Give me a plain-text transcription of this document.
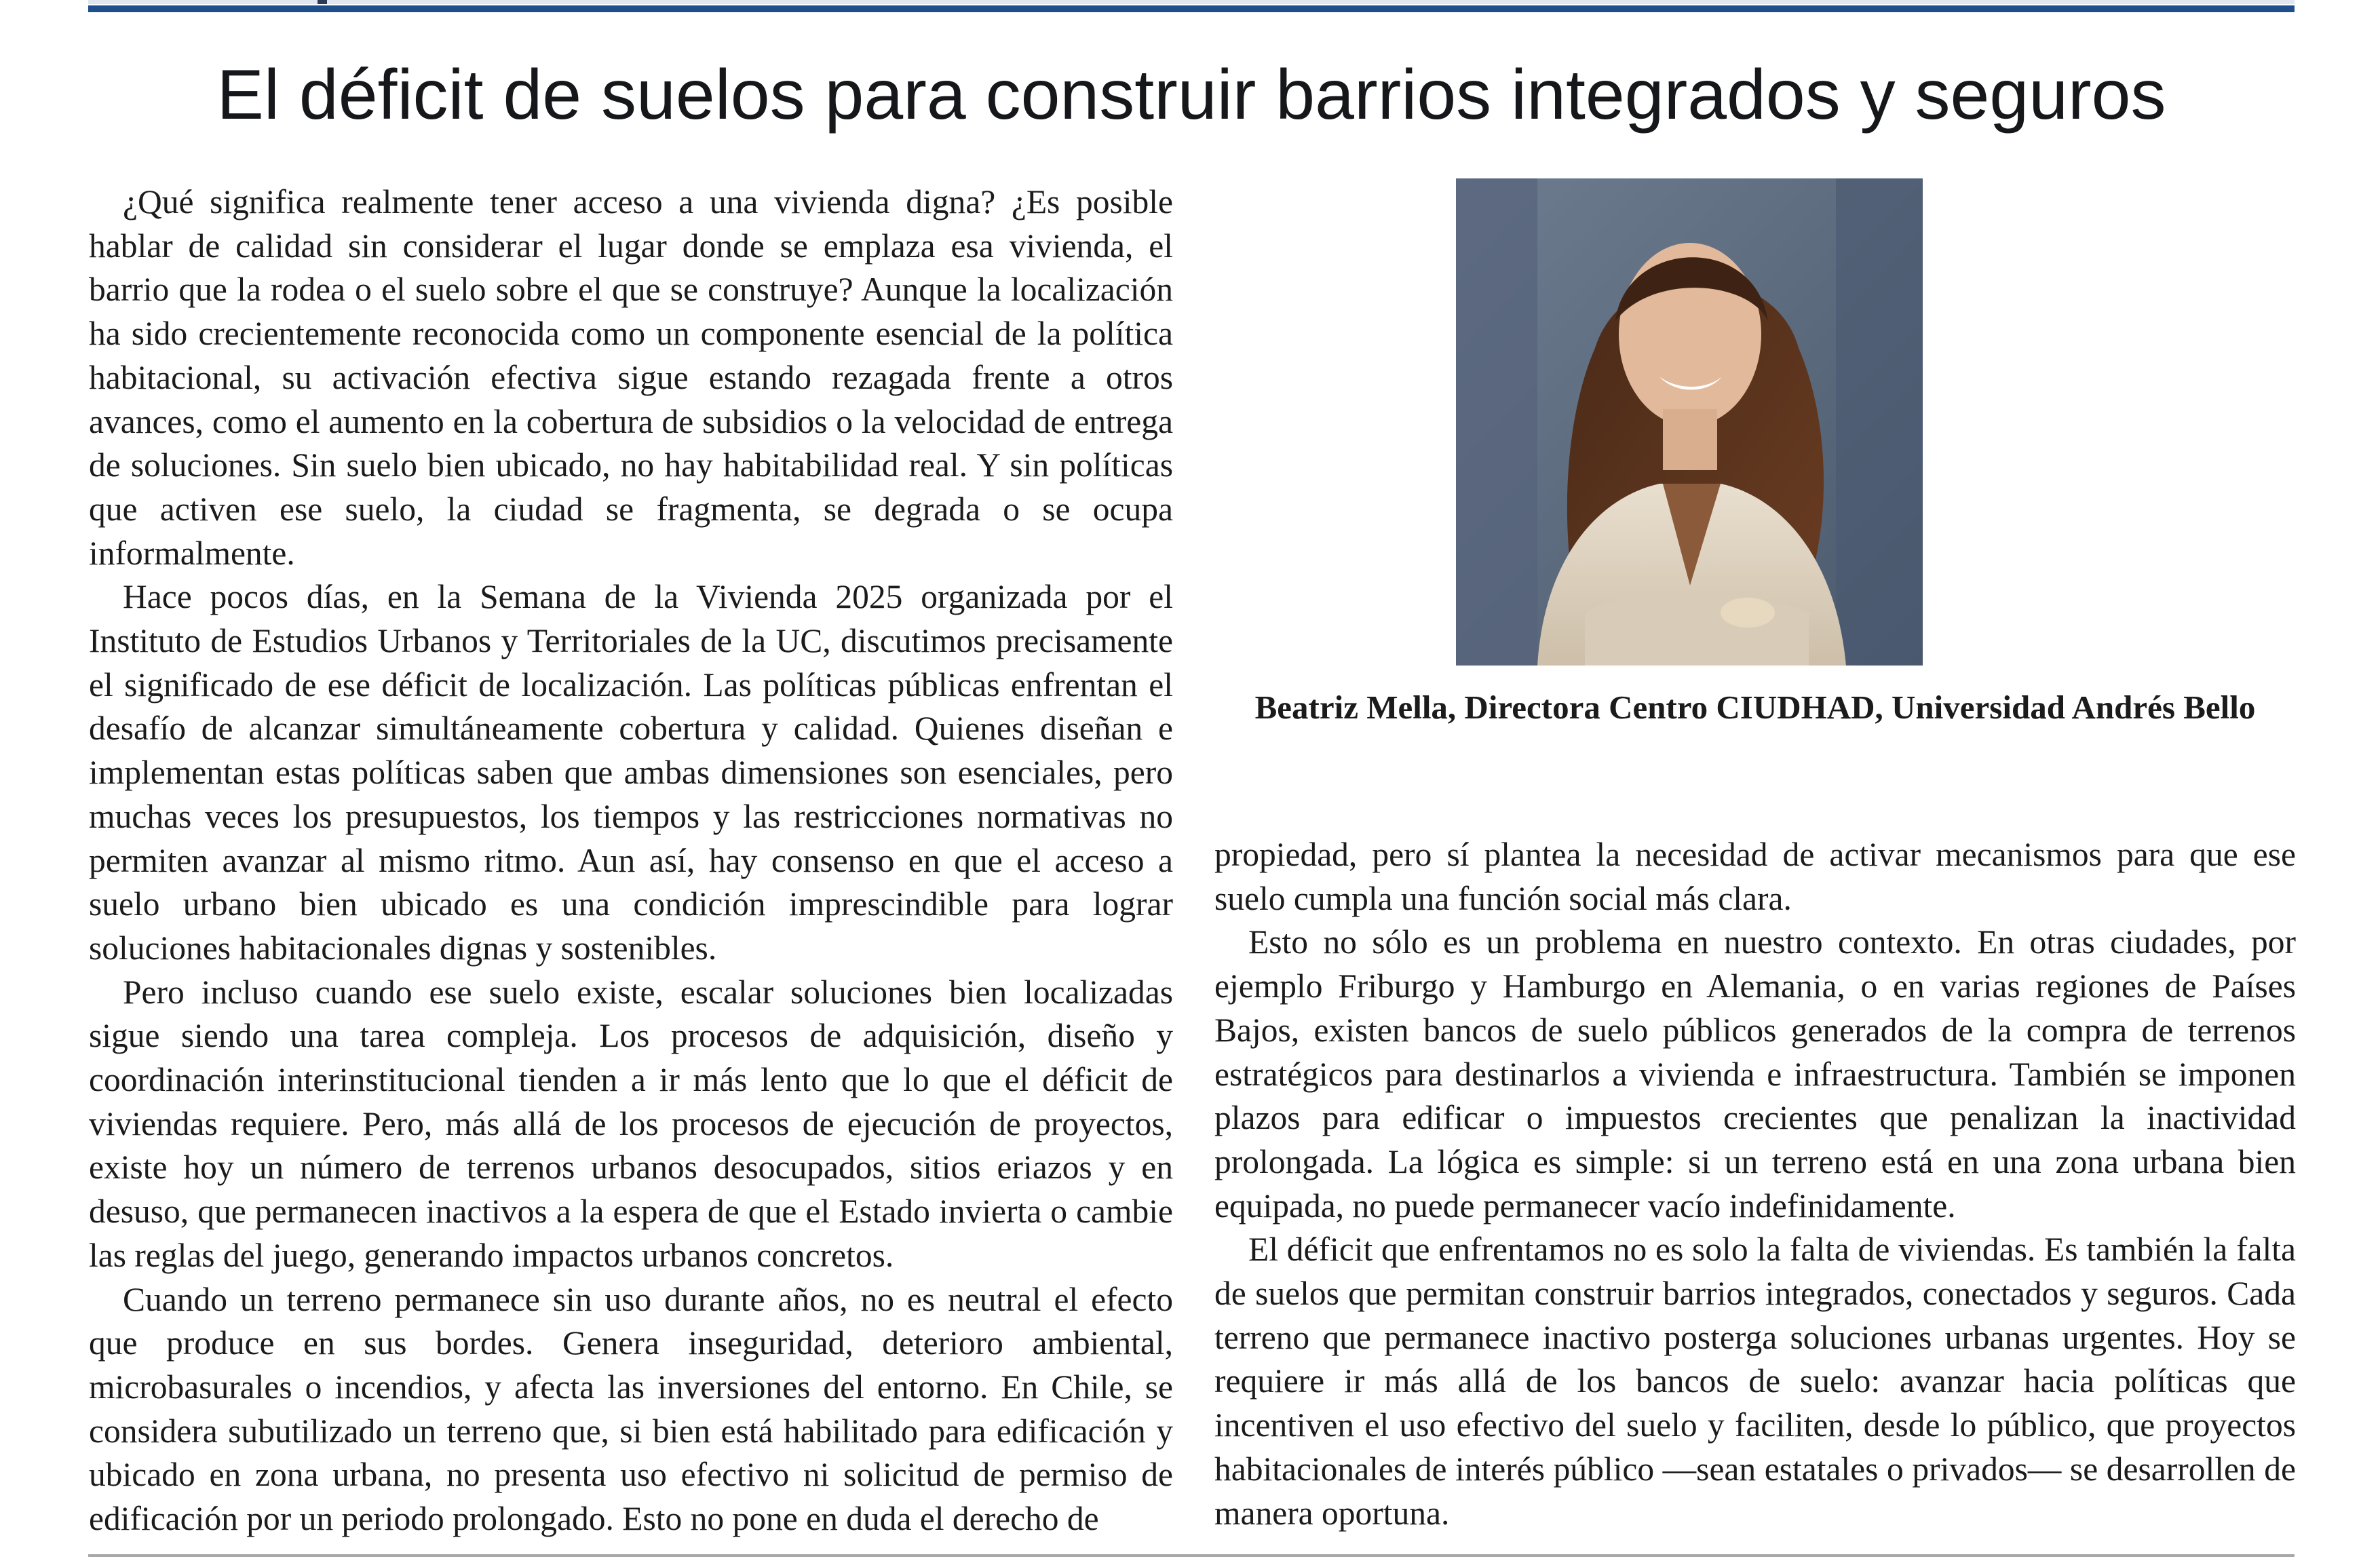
El déficit de suelos para construir barrios integrados y seguros

¿Qué significa realmente tener acceso a una vivienda digna? ¿Es posible hablar de calidad sin considerar el lugar donde se emplaza esa vivienda, el barrio que la rodea o el suelo sobre el que se construye? Aunque la localización ha sido crecientemente reconocida como un componente esencial de la política habitacional, su activación efectiva sigue estando rezagada frente a otros avances, como el aumento en la cobertura de subsidios o la velocidad de entrega de soluciones. Sin suelo bien ubicado, no hay habitabilidad real. Y sin políticas que activen ese suelo, la ciudad se fragmenta, se degrada o se ocupa informalmente.

Hace pocos días, en la Semana de la Vivienda 2025 organizada por el Instituto de Estudios Urbanos y Territoriales de la UC, discutimos precisamente el significado de ese déficit de localización. Las políticas públicas enfrentan el desafío de alcanzar simultáneamente cobertura y calidad. Quienes diseñan e implementan estas políticas saben que ambas dimensiones son esenciales, pero muchas veces los presupuestos, los tiempos y las restricciones normativas no permiten avanzar al mismo ritmo. Aun así, hay consenso en que el acceso a suelo urbano bien ubicado es una condición imprescindible para lograr soluciones habitacionales dignas y sostenibles.

Pero incluso cuando ese suelo existe, escalar soluciones bien localizadas sigue siendo una tarea compleja. Los procesos de adquisición, diseño y coordinación interinstitucional tienden a ir más lento que lo que el déficit de viviendas requiere. Pero, más allá de los procesos de ejecución de proyectos, existe hoy un número de terrenos urbanos desocupados, sitios eriazos y en desuso, que permanecen inactivos a la espera de que el Estado invierta o cambie las reglas del juego, generando impactos urbanos concretos.

Cuando un terreno permanece sin uso durante años, no es neutral el efecto que produce en sus bordes. Genera inseguridad, deterioro ambiental, microbasurales o incendios, y afecta las inversiones del entorno. En Chile, se considera subutilizado un terreno que, si bien está habilitado para edificación y ubicado en zona urbana, no presenta uso efectivo ni solicitud de permiso de edificación por un periodo prolongado. Esto no pone en duda el derecho de

Beatriz Mella, Directora Centro CIUDHAD, Universidad Andrés Bello

propiedad, pero sí plantea la necesidad de activar mecanismos para que ese suelo cumpla una función social más clara.

Esto no sólo es un problema en nuestro contexto. En otras ciudades, por ejemplo Friburgo y Hamburgo en Alemania, o en varias regiones de Países Bajos, existen bancos de suelo públicos generados de la compra de terrenos estratégicos para destinarlos a vivienda e infraestructura. También se imponen plazos para edificar o impuestos crecientes que penalizan la inactividad prolongada. La lógica es simple: si un terreno está en una zona urbana bien equipada, no puede permanecer vacío indefinidamente.

El déficit que enfrentamos no es solo la falta de viviendas. Es también la falta de suelos que permitan construir barrios integrados, conectados y seguros. Cada terreno que permanece inactivo posterga soluciones urbanas urgentes. Hoy se requiere ir más allá de los bancos de suelo: avanzar hacia políticas que incentiven el uso efectivo del suelo y faciliten, desde lo público, que proyectos habitacionales de interés público —sean estatales o privados— se desarrollen de manera oportuna.
